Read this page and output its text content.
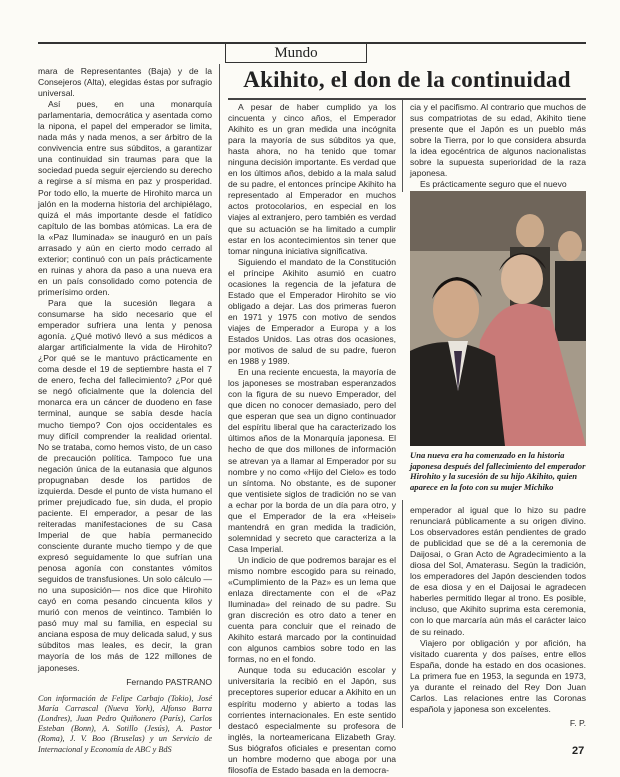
Mundo

mara de Representantes (Baja) y de la Consejeros (Alta), elegidas éstas por sufragio universal.

Así pues, en una monarquía parlamentaria, democrática y asentada como la nipona, el papel del emperador se limita, nada más y nada menos, a ser árbitro de la convivencia entre sus súbditos, a garantizar una continuidad sin traumas para que la sociedad pueda seguir ejerciendo su derecho a regirse a sí misma en paz y prosperidad. Por todo ello, la muerte de Hirohito marca un jalón en la moderna historia del archipiélago, quizá el más importante desde el fatídico capítulo de las bombas atómicas. La era de la «Paz Iluminada» se inauguró en un país arrasado y aún en cierto modo cerrado al exterior; continuó con un país prácticamente en ruinas y ahora da paso a una nueva era en un país consolidado como potencia de primerísimo orden.

Para que la sucesión llegara a consumarse ha sido necesario que el emperador sufriera una lenta y penosa agonía. ¿Qué motivó llevó a sus médicos a alargar artificialmente la vida de Hirohito? ¿Por qué se le mantuvo prácticamente en coma desde el 19 de septiembre hasta el 7 de enero, fecha del fallecimiento? ¿Por qué se negó oficialmente que la dolencia del monarca era un cáncer de duodeno en fase terminal, aunque se sabía desde hacía mucho tiempo? Con ojos occidentales es muy difícil comprender la realidad oriental. No se trataba, como hemos visto, de un caso de precaución política. Tampoco fue una negación única de la eutanasia que algunos propugnaban desde los partidos de izquierda. Desde el punto de vista humano el primer prejudicado fue, sin duda, el propio paciente. El emperador, a pesar de las reiteradas manifestaciones de su Casa Imperial de que había permanecido consciente durante mucho tiempo y de que expresó seguidamente lo que sufrían una penosa agonía con constantes vómitos seguidos de transfusiones. Un solo cálculo —no una suposición— nos dice que Hirohito cayó en coma pesando cincuenta kilos y murió con menos de veintinco. También lo pasó muy mal su familia, en especial su anciana esposa de muy delicada salud, y sus súbditos mas leales, es decir, la gran mayoría de los más de 122 millones de japoneses.

Fernando PASTRANO
Con información de Felipe Carbajo (Tokio), José María Carrascal (Nueva York), Alfonso Barra (Londres), Juan Pedro Quiñonero (París), Carlos Esteban (Bonn), A. Sotillo (Jesús), A. Pastor (Roma), J. V. Boo (Bruselas) y un Servicio de Internacional y Economía de ABC y BdS
Akihito, el don de la continuidad

A pesar de haber cumplido ya los cincuenta y cinco años, el Emperador Akihito es un gran medida una incógnita para la mayoría de sus súbditos ya que, hasta ahora, no ha tenido que tomar ninguna decisión importante. Es verdad que en los últimos años, debido a la mala salud de su padre, el entonces príncipe Akihito ha representado al Emperador en muchos actos protocolarios, en especial en los viajes al extranjero, pero también es verdad que su actuación se ha limitado a cumplir estar en los acontecimientos sin tener que tomar ninguna iniciativa significativa.

Siguiendo el mandato de la Constitución el príncipe Akihito asumió en cuatro ocasiones la regencia de la jefatura de Estado que el Emperador Hirohito se vio obligado a dejar. Las dos primeras fueron en 1971 y 1975 con motivo de sendos viajes de Emperador a Europa y a los Estados Unidos. Las otras dos ocasiones, por motivos de salud de su padre, fueron en 1988 y 1989.

En una reciente encuesta, la mayoría de los japoneses se mostraban esperanzados con la figura de su nuevo Emperador, del que dicen no conocer demasiado, pero del que esperan que sea un digno continuador del espíritu liberal que ha caracterizado los últimos años de la Monarquía japonesa. El hecho de que dos millones de información se atrevan ya a llamar al Emperador por su nombre y no como «Hijo del Cielo» es todo un síntoma. No obstante, es de suponer que ventisiete siglos de tradición no se van a echar por la borda de un día para otro, y que el Emperador de la era «Heisei» mantendrá en gran medida la tradición, solemnidad y secreto que caracteriza a la Casa Imperial.

Un indicio de que podremos barajar es el mismo nombre escogido para su reinado, «Cumplimiento de la Paz» es un lema que enlaza directamente con el de «Paz Iluminada» del reinado de su padre. Su gran discreción es otro dato a tener en cuenta para concluir que el reinado de Akihito estará marcado por la continuidad con algunos cambios sobre todo en las formas, no en el fondo.

Aunque toda su educación escolar y universitaria la recibió en el Japón, sus preceptores superior educar a Akihito en un espíritu moderno y abierto a todas las corrientes internacionales. En este sentido destacó especialmente su profesora de inglés, la norteamericana Elizabeth Gray. Sus biógrafos oficiales e presentan como un hombre moderno que aboga por una filosofía de Estado basada en la democra-

cia y el pacifismo. Al contrario que muchos de sus compatriotas de su edad, Akihito tiene presente que el Japón es un pueblo más sobre la Tierra, por lo que considera absurda la idea egocéntrica de algunos nacionalistas sobre la supuesta superioridad de la raza japonesa.

Es prácticamente seguro que el nuevo

Una nueva era ha comenzado en la historia japonesa después del fallecimiento del emperador Hirohito y la sucesión de su hijo Akihito, quien aparece en la foto con su mujer Michiko

emperador al igual que lo hizo su padre renunciará públicamente a su origen divino. Los observadores están pendientes de grado de publicidad que se dé a la ceremonia de Daijosai, o Gran Acto de Agradecimiento a la diosa del Sol, Amaterasu. Según la tradición, los emperadores del Japón descienden todos de esa diosa y en el Daijosai le agradecen haberles permitido llegar al trono. Es posible, incluso, que Akihito suprima esta ceremonia, con lo que marcaría aún más el carácter laico de su reinado.

Viajero por obligación y por afición, ha visitado cuarenta y dos países, entre ellos España, donde ha estado en dos ocasiones. La primera fue en 1953, la segunda en 1973, ya durante el reinado del Rey Don Juan Carlos. Las relaciones entre las Coronas española y japonesa son excelentes.

F. P.
27
